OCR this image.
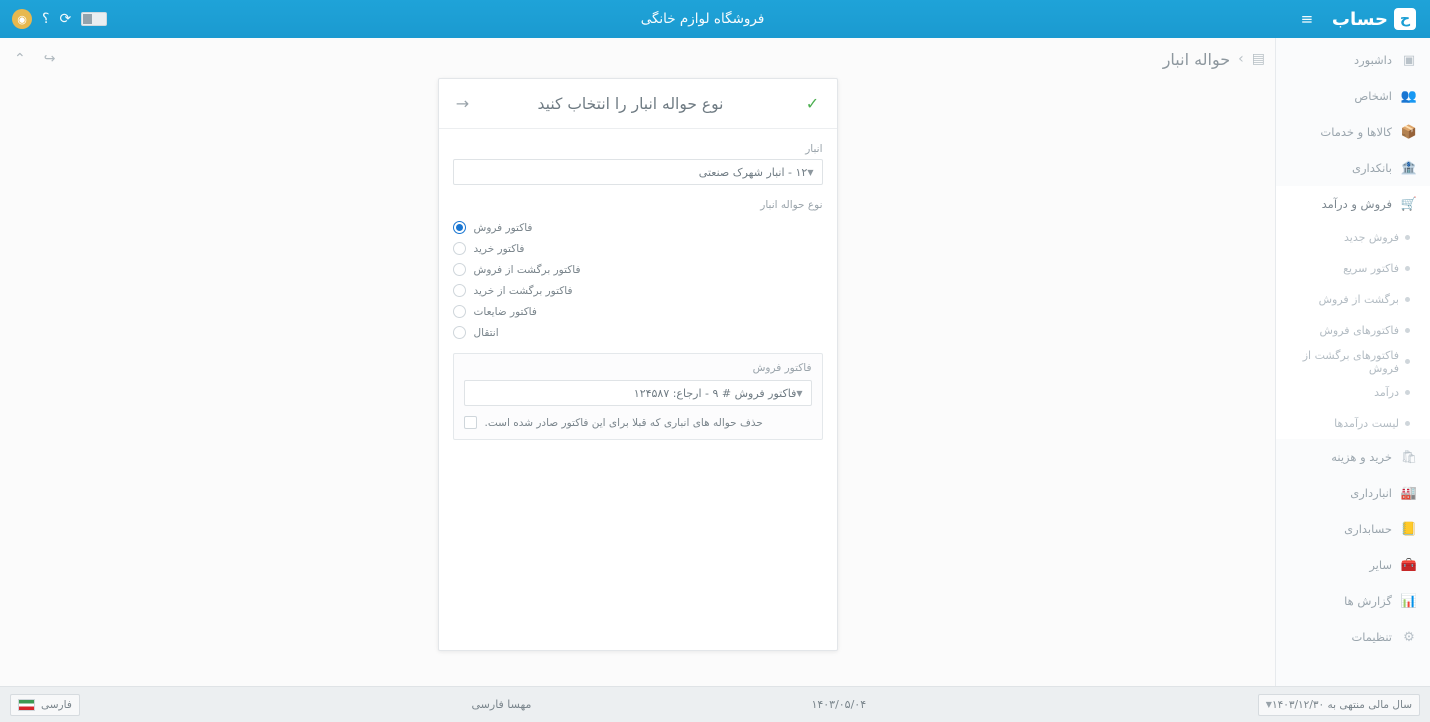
ح
حساب
≡
فروشگاه لوازم خانگی
⟳
؟
◉
▣
داشبورد
👥
اشخاص
📦
کالاها و خدمات
🏦
بانکداری
🛒
فروش و درآمد
فروش جدید
فاکتور سریع
برگشت از فروش
فاکتورهای فروش
فاکتورهای برگشت از فروش
درآمد
لیست درآمدها
🛍
خرید و هزینه
🏭
انبارداری
📒
حسابداری
🧰
سایر
📊
گزارش ها
⚙
تنظیمات
▤
›
حواله انبار
↪
⌃
✓
نوع حواله انبار را انتخاب کنید
→
انبار
▼
۱۲ - انبار شهرک صنعتی
نوع حواله انبار
فاکتور فروش
فاکتور خرید
فاکتور برگشت از فروش
فاکتور برگشت از خرید
فاکتور ضایعات
انتقال
فاکتور فروش
▼
فاکتور فروش # ۹ - ارجاع: ۱۲۴۵۸۷
حذف حواله های انباری که قبلا برای این فاکتور صادر شده است.
سال مالی منتهی به ۱۴۰۳/۱۲/۳۰
▼
۱۴۰۳/۰۵/۰۴
مهسا فارسی
فارسی
